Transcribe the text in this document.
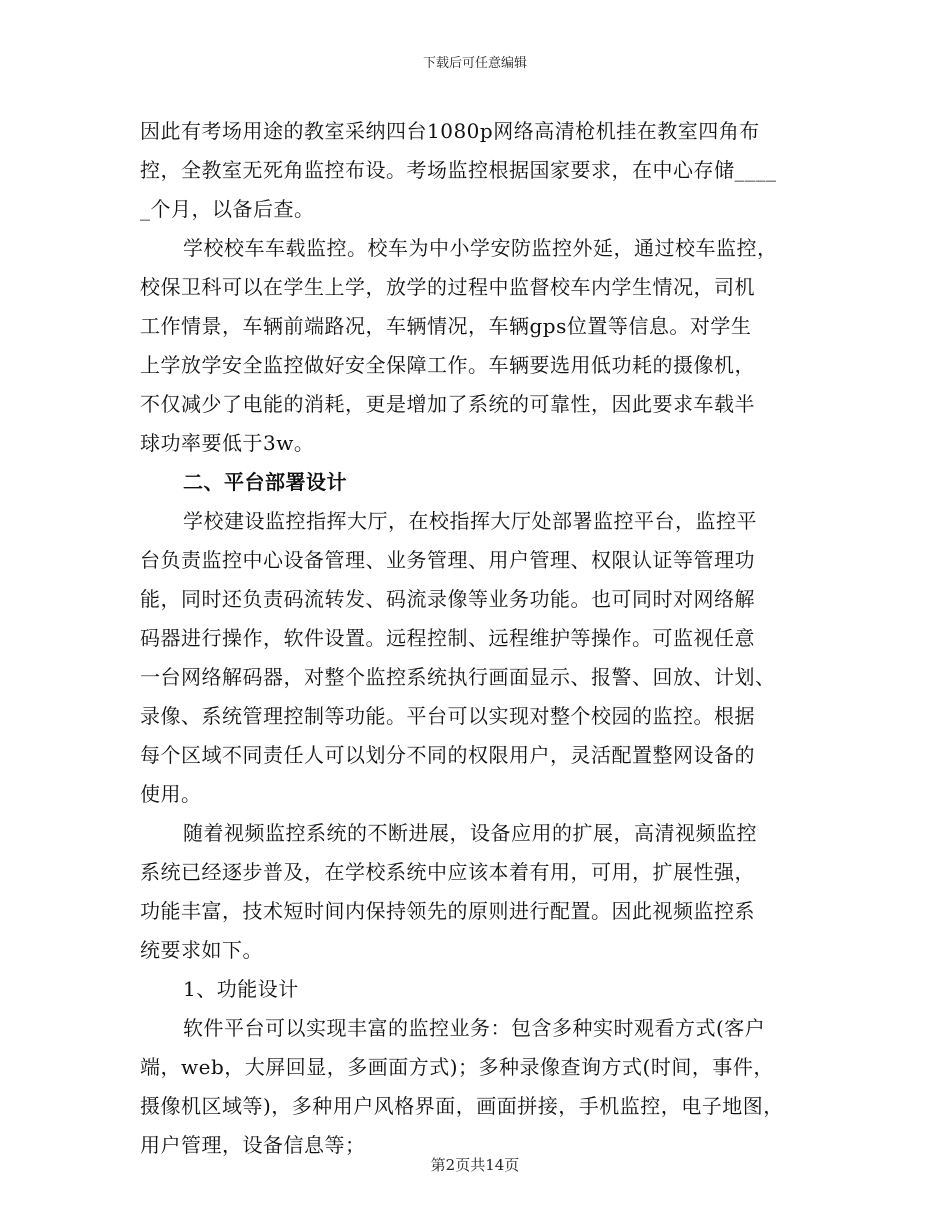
下载后可任意编辑
因此有考场用途的教室采纳四台1080p网络高清枪机挂在教室四角布
控，全教室无死角监控布设。考场监控根据国家要求，在中心存储____
_个月，以备后查。
学校校车车载监控。校车为中小学安防监控外延，通过校车监控，
校保卫科可以在学生上学，放学的过程中监督校车内学生情况，司机
工作情景，车辆前端路况，车辆情况，车辆gps位置等信息。对学生
上学放学安全监控做好安全保障工作。车辆要选用低功耗的摄像机，
不仅减少了电能的消耗，更是增加了系统的可靠性，因此要求车载半
球功率要低于3w。
二、平台部署设计
学校建设监控指挥大厅，在校指挥大厅处部署监控平台，监控平
台负责监控中心设备管理、业务管理、用户管理、权限认证等管理功
能，同时还负责码流转发、码流录像等业务功能。也可同时对网络解
码器进行操作，软件设置。远程控制、远程维护等操作。可监视任意
一台网络解码器，对整个监控系统执行画面显示、报警、回放、计划、
录像、系统管理控制等功能。平台可以实现对整个校园的监控。根据
每个区域不同责任人可以划分不同的权限用户，灵活配置整网设备的
使用。
随着视频监控系统的不断进展，设备应用的扩展，高清视频监控
系统已经逐步普及，在学校系统中应该本着有用，可用，扩展性强，
功能丰富，技术短时间内保持领先的原则进行配置。因此视频监控系
统要求如下。
1、功能设计
软件平台可以实现丰富的监控业务：包含多种实时观看方式(客户
端，web，大屏回显，多画面方式)；多种录像查询方式(时间，事件，
摄像机区域等)，多种用户风格界面，画面拼接，手机监控，电子地图，
用户管理，设备信息等；
第2页共14页
